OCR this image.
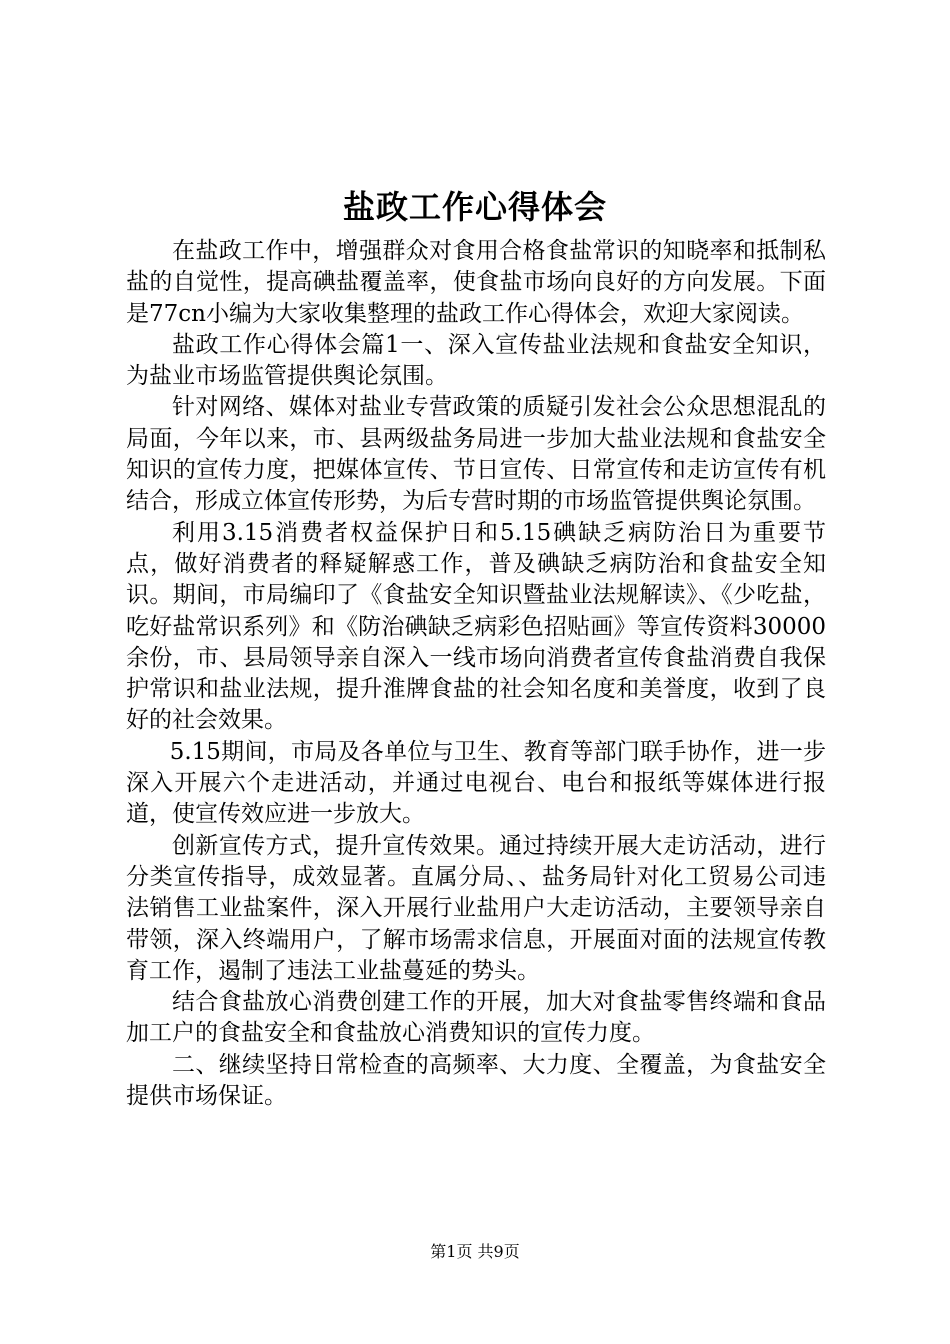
盐政工作心得体会

在盐政工作中，增强群众对食用合格食盐常识的知晓率和抵制私盐的自觉性，提高碘盐覆盖率，使食盐市场向良好的方向发展。下面是77cn小编为大家收集整理的盐政工作心得体会，欢迎大家阅读。

盐政工作心得体会篇1一、深入宣传盐业法规和食盐安全知识，为盐业市场监管提供舆论氛围。

针对网络、媒体对盐业专营政策的质疑引发社会公众思想混乱的局面，今年以来，市、县两级盐务局进一步加大盐业法规和食盐安全知识的宣传力度，把媒体宣传、节日宣传、日常宣传和走访宣传有机结合，形成立体宣传形势，为后专营时期的市场监管提供舆论氛围。

利用3.15消费者权益保护日和5.15碘缺乏病防治日为重要节点，做好消费者的释疑解惑工作，普及碘缺乏病防治和食盐安全知识。期间，市局编印了《食盐安全知识暨盐业法规解读》、《少吃盐，吃好盐常识系列》和《防治碘缺乏病彩色招贴画》等宣传资料30000余份，市、县局领导亲自深入一线市场向消费者宣传食盐消费自我保护常识和盐业法规，提升淮牌食盐的社会知名度和美誉度，收到了良好的社会效果。

5.15期间，市局及各单位与卫生、教育等部门联手协作，进一步深入开展六个走进活动，并通过电视台、电台和报纸等媒体进行报道，使宣传效应进一步放大。

创新宣传方式，提升宣传效果。通过持续开展大走访活动，进行分类宣传指导，成效显著。直属分局、、盐务局针对化工贸易公司违法销售工业盐案件，深入开展行业盐用户大走访活动，主要领导亲自带领，深入终端用户，了解市场需求信息，开展面对面的法规宣传教育工作，遏制了违法工业盐蔓延的势头。

结合食盐放心消费创建工作的开展，加大对食盐零售终端和食品加工户的食盐安全和食盐放心消费知识的宣传力度。

二、继续坚持日常检查的高频率、大力度、全覆盖，为食盐安全提供市场保证。

第1页 共9页
